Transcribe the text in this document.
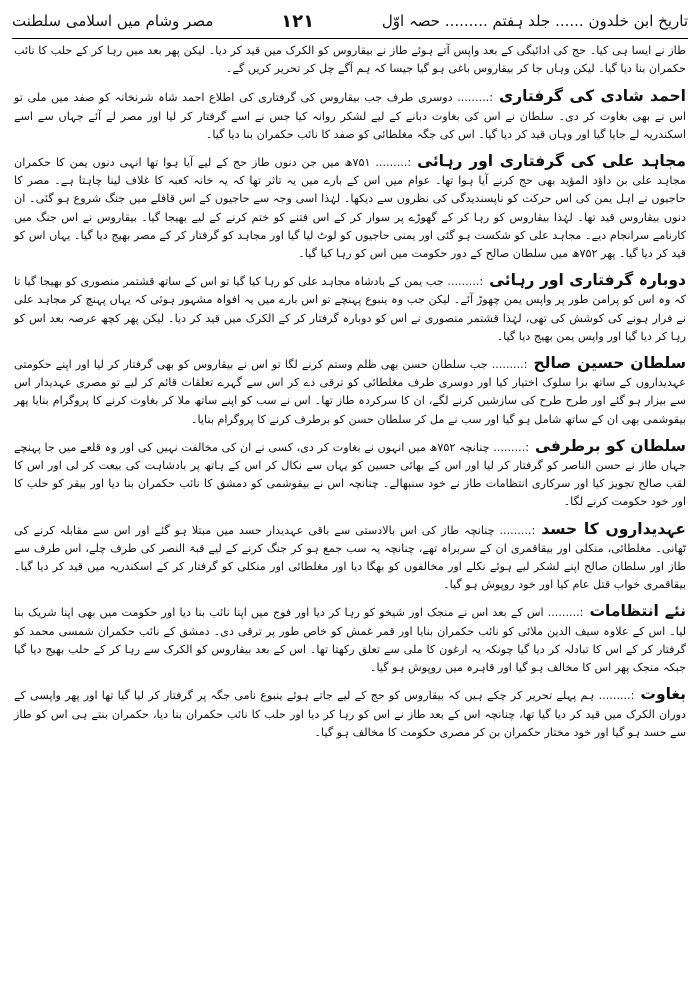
تاریخ ابن خلدون ...... جلد ہفتم ......... حصہ اوّل
۱۲۱
مصر وشام میں اسلامی سلطنت

طاز نے ایسا ہی کیا۔ حج کی ادائیگی کے بعد واپس آتے ہوئے طاز نے بیقاروس کو الکرک میں قید کر دیا۔ لیکن پھر بعد میں رہا کر کے حلب کا نائب حکمران بنا دیا گیا۔ لیکن وہاں جا کر بیقاروس باغی ہو گیا جیسا کہ ہم آگے چل کر تحریر کریں گے۔

احمد شادی کی گرفتاری:......... دوسری طرف جب بیقاروس کی گرفتاری کی اطلاع احمد شاہ شرنخانہ کو صفد میں ملی تو اس نے بھی بغاوت کر دی۔ سلطان نے اس کی بغاوت دبانے کے لیے لشکر روانہ کیا جس نے اسے گرفتار کر لیا اور مصر لے آئے جہاں سے اسے اسکندریہ لے جایا گیا اور وہاں قید کر دیا گیا۔ اس کی جگہ مغلطائی کو صفد کا نائب حکمران بنا دیا گیا۔

مجاہد علی کی گرفتاری اور رہائی:......... ۷۵۱ھ میں جن دنوں طاز حج کے لیے آیا ہوا تھا انہی دنوں یمن کا حکمران مجاہد علی بن داؤد المؤید بھی حج کرنے آیا ہوا تھا۔ عوام میں اس کے بارے میں یہ تاثر تھا کہ یہ خانہ کعبہ کا غلاف لینا چاہتا ہے۔ مصر کا حاجیوں نے اہل یمن کی اس حرکت کو ناپسندیدگی کی نظروں سے دیکھا۔ لہٰذا اسی وجہ سے حاجیوں کے اس قافلے میں جنگ شروع ہو گئی۔ ان دنوں بیقاروس قید تھا۔ لہٰذا بیقاروس کو رہا کر کے گھوڑے پر سوار کر کے اس فتنے کو ختم کرنے کے لیے بھیجا گیا۔ بیقاروس نے اس جنگ میں کارنامے سرانجام دیے۔ مجاہد علی کو شکست ہو گئی اور یمنی حاجیوں کو لوٹ لیا گیا اور مجاہد کو گرفتار کر کے مصر بھیج دیا گیا۔ یہاں اس کو قید کر دیا گیا۔ پھر ۷۵۲ھ میں سلطان صالح کے دور حکومت میں اس کو رہا کیا گیا۔

دوبارہ گرفتاری اور رہائی:......... جب یمن کے بادشاہ مجاہد علی کو رہا کیا گیا تو اس کے ساتھ قشتمر منصوری کو بھیجا گیا تا کہ وہ اس کو پرامن طور پر واپس یمن چھوڑ آئے۔ لیکن جب وہ ینبوع پہنچے تو اس بارے میں یہ افواہ مشہور ہوئی کہ یہاں پہنچ کر مجاہد علی نے فرار ہونے کی کوشش کی تھی، لہٰذا قشتمر منصوری نے اس کو دوبارہ گرفتار کر کے الکرک میں قید کر دیا۔ لیکن پھر کچھ عرصہ بعد اس کو رہا کر دیا گیا اور واپس یمن بھیج دیا گیا۔

سلطان حسین صالح:......... جب سلطان حسن بھی ظلم وستم کرنے لگا تو اس نے بیقاروس کو بھی گرفتار کر لیا اور اپنے حکومتی عہدیداروں کے ساتھ برا سلوک اختیار کیا اور دوسری طرف مغلطائی کو ترقی دے کر اس سے گہرے تعلقات قائم کر لیے تو مصری عہدیدار اس سے بیزار ہو گئے اور طرح طرح کی سازشیں کرنے لگے، ان کا سرکردہ طاز تھا۔ اس نے سب کو اپنے ساتھ ملا کر بغاوت کرنے کا پروگرام بنایا پھر بیقوشمی بھی ان کے ساتھ شامل ہو گیا اور سب نے مل کر سلطان حسن کو برطرف کرنے کا پروگرام بنایا۔

سلطان کو برطرفی:......... چنانچہ ۷۵۲ھ میں انہوں نے بغاوت کر دی، کسی نے ان کی مخالفت نہیں کی اور وہ قلعے میں جا پہنچے جہاں طاز نے حسن الناصر کو گرفتار کر لیا اور اس کے بھائی حسین کو یہاں سے نکال کر اس کے ہاتھ پر بادشاہت کی بیعت کر لی اور اس کا لقب صالح تجویز کیا اور سرکاری انتظامات طاز نے خود سنبھالے۔ چنانچہ اس نے بیقوشمی کو دمشق کا نائب حکمران بنا دیا اور بیقر کو حلب کا اور خود حکومت کرنے لگا۔

عہدیداروں کا حسد:......... چنانچہ طاز کی اس بالادستی سے باقی عہدیدار حسد میں مبتلا ہو گئے اور اس سے مقابلہ کرنے کی ٹھانی۔ مغلطائی، منکلی اور بیقاقمری ان کے سربراہ تھے، چنانچہ یہ سب جمع ہو کر جنگ کرنے کے لیے قبۃ النصر کی طرف چلے، اس طرف سے طاز اور سلطان صالح اپنے لشکر لیے ہوئے نکلے اور مخالفوں کو بھگا دیا اور مغلطائی اور منکلی کو گرفتار کر کے اسکندریہ میں قید کر دیا گیا۔ بیقاقمری خواب قتل عام کیا اور خود روپوش ہو گیا۔

نئے انتظامات:......... اس کے بعد اس نے منجک اور شیخو کو رہا کر دیا اور فوج میں اپنا نائب بنا دیا اور حکومت میں بھی اپنا شریک بنا لیا۔ اس کے علاوہ سیف الدین ملائی کو نائب حکمران بنایا اور قمر غمش کو خاص طور پر ترقی دی۔ دمشق کے نائب حکمران شمسی محمد کو گرفتار کر کے اس کا تبادلہ کر دیا گیا چونکہ یہ ارغون کا ملی سے تعلق رکھتا تھا۔ اس کے بعد بیقاروس کو الکرک سے رہا کر کے حلب بھیج دیا گیا جبکہ منجک پھر اس کا مخالف ہو گیا اور قاہرہ میں روپوش ہو گیا۔

بغاوت:......... ہم پہلے تحریر کر چکے ہیں کہ بیقاروس کو حج کے لیے جاتے ہوئے ینبوع نامی جگہ پر گرفتار کر لیا گیا تھا اور پھر واپسی کے دوران الکرک میں قید کر دیا گیا تھا، چنانچہ اس کے بعد طاز نے اس کو رہا کر دیا اور حلب کا نائب حکمران بنا دیا، حکمران بنتے ہی اس کو طاز سے حسد ہو گیا اور خود مختار حکمران بن کر مصری حکومت کا مخالف ہو گیا۔
